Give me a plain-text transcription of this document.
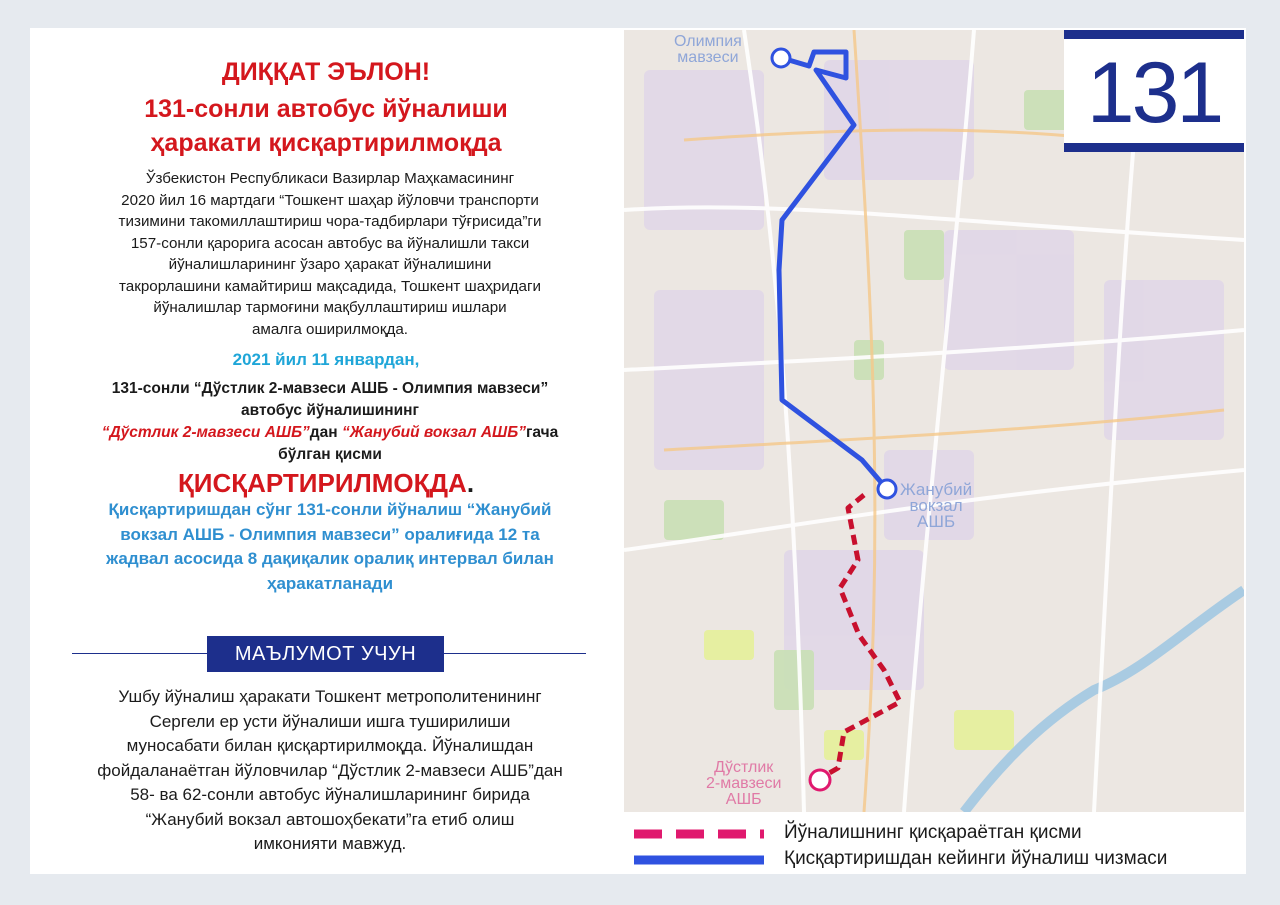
ДИҚҚАТ ЭЪЛОН!
131-сонли автобус йўналиши
ҳаракати қисқартирилмоқда
Ўзбекистон Республикаси Вазирлар Маҳкамасининг
2020 йил 16 мартдаги “Тошкент шаҳар йўловчи транспорти
тизимини такомиллаштириш чора-тадбирлари тўғрисида”ги
157-сонли қарорига асосан автобус ва йўналишли такси
йўналишларининг ўзаро ҳаракат йўналишини
такрорлашини камайтириш мақсадида, Тошкент шаҳридаги
йўналишлар тармоғини мақбуллаштириш ишлари
амалга оширилмоқда.
2021 йил 11 январдан,
131-сонли “Дўстлик 2-мавзеси АШБ - Олимпия мавзеси”
автобус йўналишининг
“Дўстлик 2-мавзеси АШБ”дан “Жанубий вокзал АШБ”гача
бўлган қисми
ҚИСҚАРТИРИЛМОҚДА.
Қисқартиришдан сўнг 131-сонли йўналиш “Жанубий
вокзал АШБ - Олимпия мавзеси” оралиғида 12 та
жадвал асосида 8 дақиқалик оралиқ интервал билан
ҳаракатланади
МАЪЛУМОТ УЧУН
Ушбу йўналиш ҳаракати Тошкент метрополитенининг
Сергели ер усти йўналиши ишга туширилиши
муносабати билан қисқартирилмоқда. Йўналишдан
фойдаланаётган йўловчилар “Дўстлик 2-мавзеси АШБ”дан
58- ва 62-сонли автобус йўналишларининг бирида
“Жанубий вокзал автошоҳбекати”га етиб олиш
имконияти мавжуд.
Олимпия
мавзеси
Жанубий
вокзал
АШБ
Дўстлик
2-мавзеси
АШБ
131
Йўналишнинг қисқараётган қисми
Қисқартиришдан кейинги йўналиш чизмаси
